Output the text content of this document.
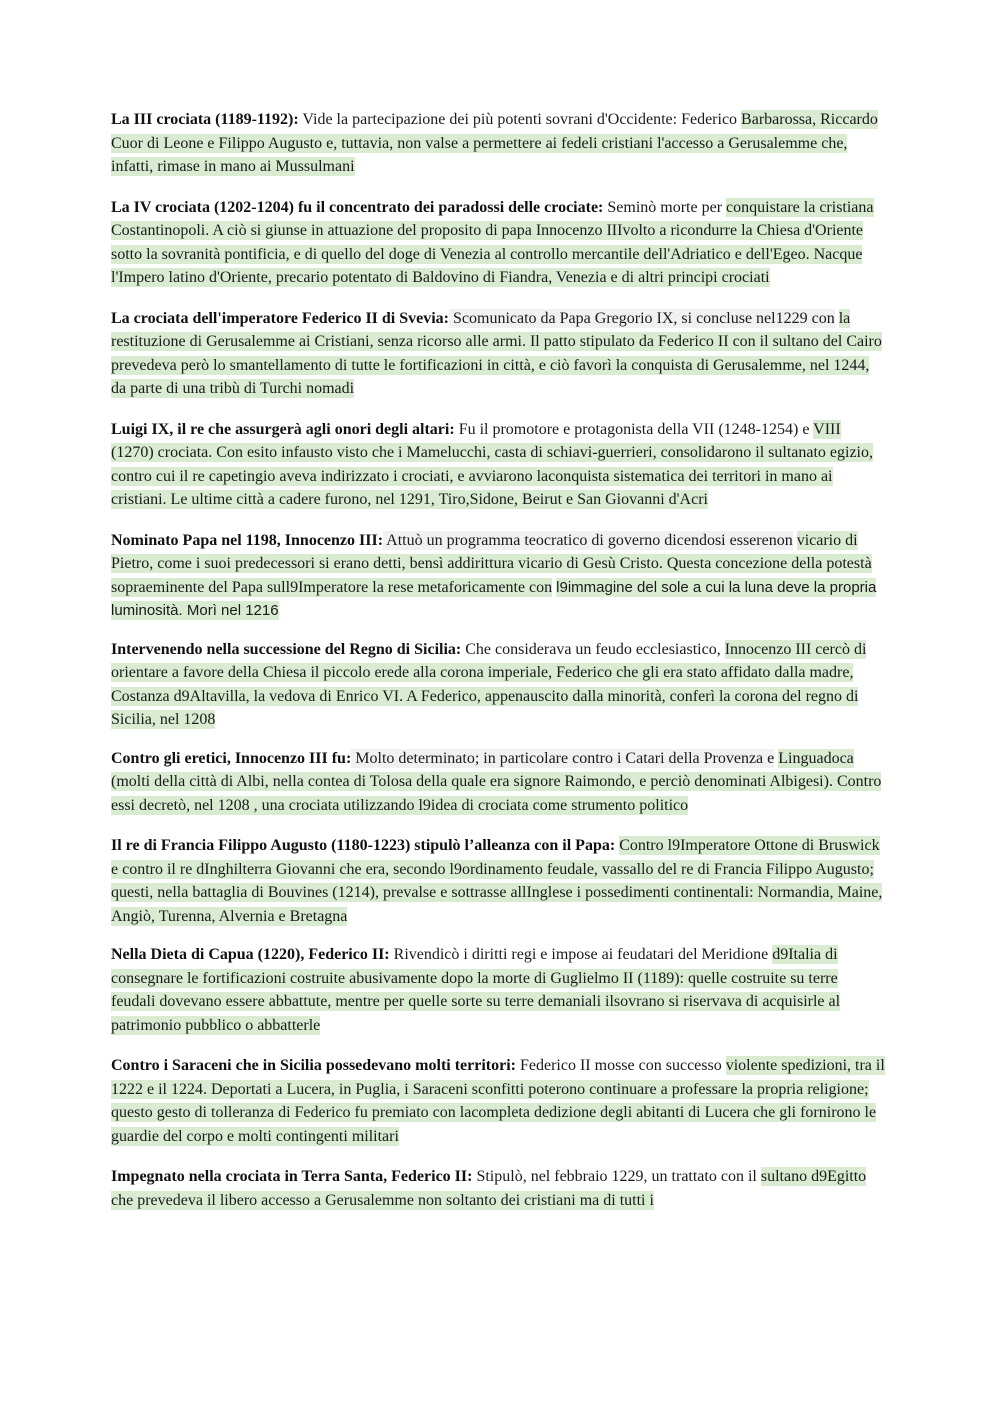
La III crociata (1189-1192): Vide la partecipazione dei più potenti sovrani d'Occidente: Federico Barbarossa, Riccardo Cuor di Leone e Filippo Augusto e, tuttavia, non valse a permettere ai fedeli cristiani l'accesso a Gerusalemme che, infatti, rimase in mano ai Mussulmani

La IV crociata (1202-1204) fu il concentrato dei paradossi delle crociate: Seminò morte per conquistare la cristiana Costantinopoli. A ciò si giunse in attuazione del proposito di papa Innocenzo IIIvolto a ricondurre la Chiesa d'Oriente sotto la sovranità pontificia, e di quello del doge di Venezia al controllo mercantile dell'Adriatico e dell'Egeo. Nacque l'Impero latino d'Oriente, precario potentato di Baldovino di Fiandra, Venezia e di altri principi crociati

La crociata dell'imperatore Federico II di Svevia: Scomunicato da Papa Gregorio IX, si concluse nel1229 con la restituzione di Gerusalemme ai Cristiani, senza ricorso alle armi. Il patto stipulato da Federico II con il sultano del Cairo prevedeva però lo smantellamento di tutte le fortificazioni in città, e ciò favorì la conquista di Gerusalemme, nel 1244, da parte di una tribù di Turchi nomadi

Luigi IX, il re che assurgerà agli onori degli altari: Fu il promotore e protagonista della VII (1248-1254) e VIII (1270) crociata. Con esito infausto visto che i Mamelucchi, casta di schiavi-guerrieri, consolidarono il sultanato egizio, contro cui il re capetingio aveva indirizzato i crociati, e avviarono laconquista sistematica dei territori in mano ai cristiani. Le ultime città a cadere furono, nel 1291, Tiro,Sidone, Beirut e San Giovanni d'Acri

Nominato Papa nel 1198, Innocenzo III: Attuò un programma teocratico di governo dicendosi esserenon vicario di Pietro, come i suoi predecessori si erano detti, bensì addirittura vicario di Gesù Cristo. Questa concezione della potestà sopraeminente del Papa sull9Imperatore la rese metaforicamente con l9immagine del sole a cui la luna deve la propria luminosità. Morì nel 1216

Intervenendo nella successione del Regno di Sicilia: Che considerava un feudo ecclesiastico, Innocenzo III cercò di orientare a favore della Chiesa il piccolo erede alla corona imperiale, Federico che gli era stato affidato dalla madre, Costanza d9Altavilla, la vedova di Enrico VI. A Federico, appenauscito dalla minorità, conferì la corona del regno di Sicilia, nel 1208

Contro gli eretici, Innocenzo III fu: Molto determinato; in particolare contro i Catari della Provenza e Linguadoca (molti della città di Albi, nella contea di Tolosa della quale era signore Raimondo, e perciò denominati Albigesi). Contro essi decretò, nel 1208 , una crociata utilizzando l9idea di crociata come strumento politico

Il re di Francia Filippo Augusto (1180-1223) stipulò l’alleanza con il Papa: Contro l9Imperatore Ottone di Bruswick e contro il re dInghilterra Giovanni che era, secondo l9ordinamento feudale, vassallo del re di Francia Filippo Augusto; questi, nella battaglia di Bouvines (1214), prevalse e sottrasse allInglese i possedimenti continentali: Normandia, Maine, Angiò, Turenna, Alvernia e Bretagna

Nella Dieta di Capua (1220), Federico II: Rivendicò i diritti regi e impose ai feudatari del Meridione d9Italia di consegnare le fortificazioni costruite abusivamente dopo la morte di Guglielmo II (1189): quelle costruite su terre feudali dovevano essere abbattute, mentre per quelle sorte su terre demaniali ilsovrano si riservava di acquisirle al patrimonio pubblico o abbatterle

Contro i Saraceni che in Sicilia possedevano molti territori: Federico II mosse con successo violente spedizioni, tra il 1222 e il 1224. Deportati a Lucera, in Puglia, i Saraceni sconfitti poterono continuare a professare la propria religione; questo gesto di tolleranza di Federico fu premiato con lacompleta dedizione degli abitanti di Lucera che gli fornirono le guardie del corpo e molti contingenti militari

Impegnato nella crociata in Terra Santa, Federico II: Stipulò, nel febbraio 1229, un trattato con il sultano d9Egitto che prevedeva il libero accesso a Gerusalemme non soltanto dei cristiani ma di tutti i
